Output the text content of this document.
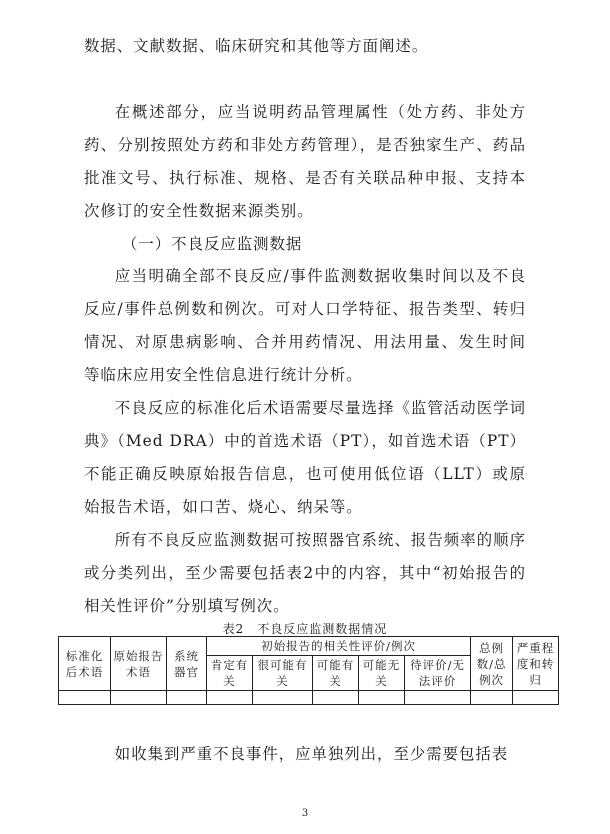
数据、文献数据、临床研究和其他等方面阐述。

在概述部分，应当说明药品管理属性（处方药、非处方药、分别按照处方药和非处方药管理），是否独家生产、药品批准文号、执行标准、规格、是否有关联品种申报、支持本次修订的安全性数据来源类别。

（一）不良反应监测数据

应当明确全部不良反应/事件监测数据收集时间以及不良反应/事件总例数和例次。可对人口学特征、报告类型、转归情况、对原患病影响、合并用药情况、用法用量、发生时间等临床应用安全性信息进行统计分析。

不良反应的标准化后术语需要尽量选择《监管活动医学词典》（Med DRA）中的首选术语（PT），如首选术语（PT）不能正确反映原始报告信息，也可使用低位语（LLT）或原始报告术语，如口苦、烧心、纳呆等。

所有不良反应监测数据可按照器官系统、报告频率的顺序或分类列出，至少需要包括表2中的内容，其中“初始报告的相关性评价”分别填写例次。

表2　不良反应监测数据情况
标准化后术语	原始报告术语	系统器官	初始报告的相关性评价/例次					总例数/总例次	严重程度和转归
			肯定有关	很可能有关	可能有关	可能无关	待评价/无法评价		

如收集到严重不良事件，应单独列出，至少需要包括表

3
